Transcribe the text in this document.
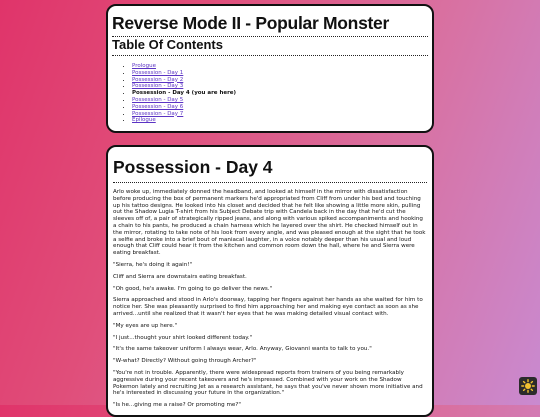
Reverse Mode II - Popular Monster
Table Of Contents
• Prologue
• Possession - Day 1
• Possession - Day 2
• Possession - Day 3
• Possession - Day 4 (you are here)
• Possession - Day 5
• Possession - Day 6
• Possession - Day 7
• Epilogue
Possession - Day 4

Arlo woke up, immediately donned the headband, and looked at himself in the mirror with dissatisfaction before producing the box of permanent markers he'd appropriated from Cliff from under his bed and touching up his tattoo designs. He looked into his closet and decided that he felt like showing a little more skin, pulling out the Shadow Lugia T-shirt from his Subject Debate trip with Candela back in the day that he'd cut the sleeves off of, a pair of strategically ripped jeans, and along with various spiked accompaniments and hooking a chain to his pants, he produced a chain harness which he layered over the shirt. He checked himself out in the mirror, rotating to take note of his look from every angle, and was pleased enough at the sight that he took a selfie and broke into a brief bout of maniacal laughter, in a voice notably deeper than his usual and loud enough that Cliff could hear it from the kitchen and common room down the hall, where he and Sierra were eating breakfast.

"Sierra, he's doing it again!"

Cliff and Sierra are downstairs eating breakfast.

"Oh good, he's awake. I'm going to go deliver the news."

Sierra approached and stood in Arlo's doorway, tapping her fingers against her hands as she waited for him to notice her. She was pleasantly surprised to find him approaching her and making eye contact as soon as she arrived...until she realized that it wasn't her eyes that he was making detailed visual contact with.

"My eyes are up here."

"I just...thought your shirt looked different today."

"It's the same takeover uniform I always wear, Arlo. Anyway, Giovanni wants to talk to you."

"W-what? Directly? Without going through Archer?"

"You're not in trouble. Apparently, there were widespread reports from trainers of you being remarkably aggressive during your recent takeovers and he's impressed. Combined with your work on the Shadow Pokemon lately and recruiting Jet as a research assistant, he says that you've never shown more initiative and he's interested in discussing your future in the organization."

"Is he...giving me a raise? Or promoting me?"
